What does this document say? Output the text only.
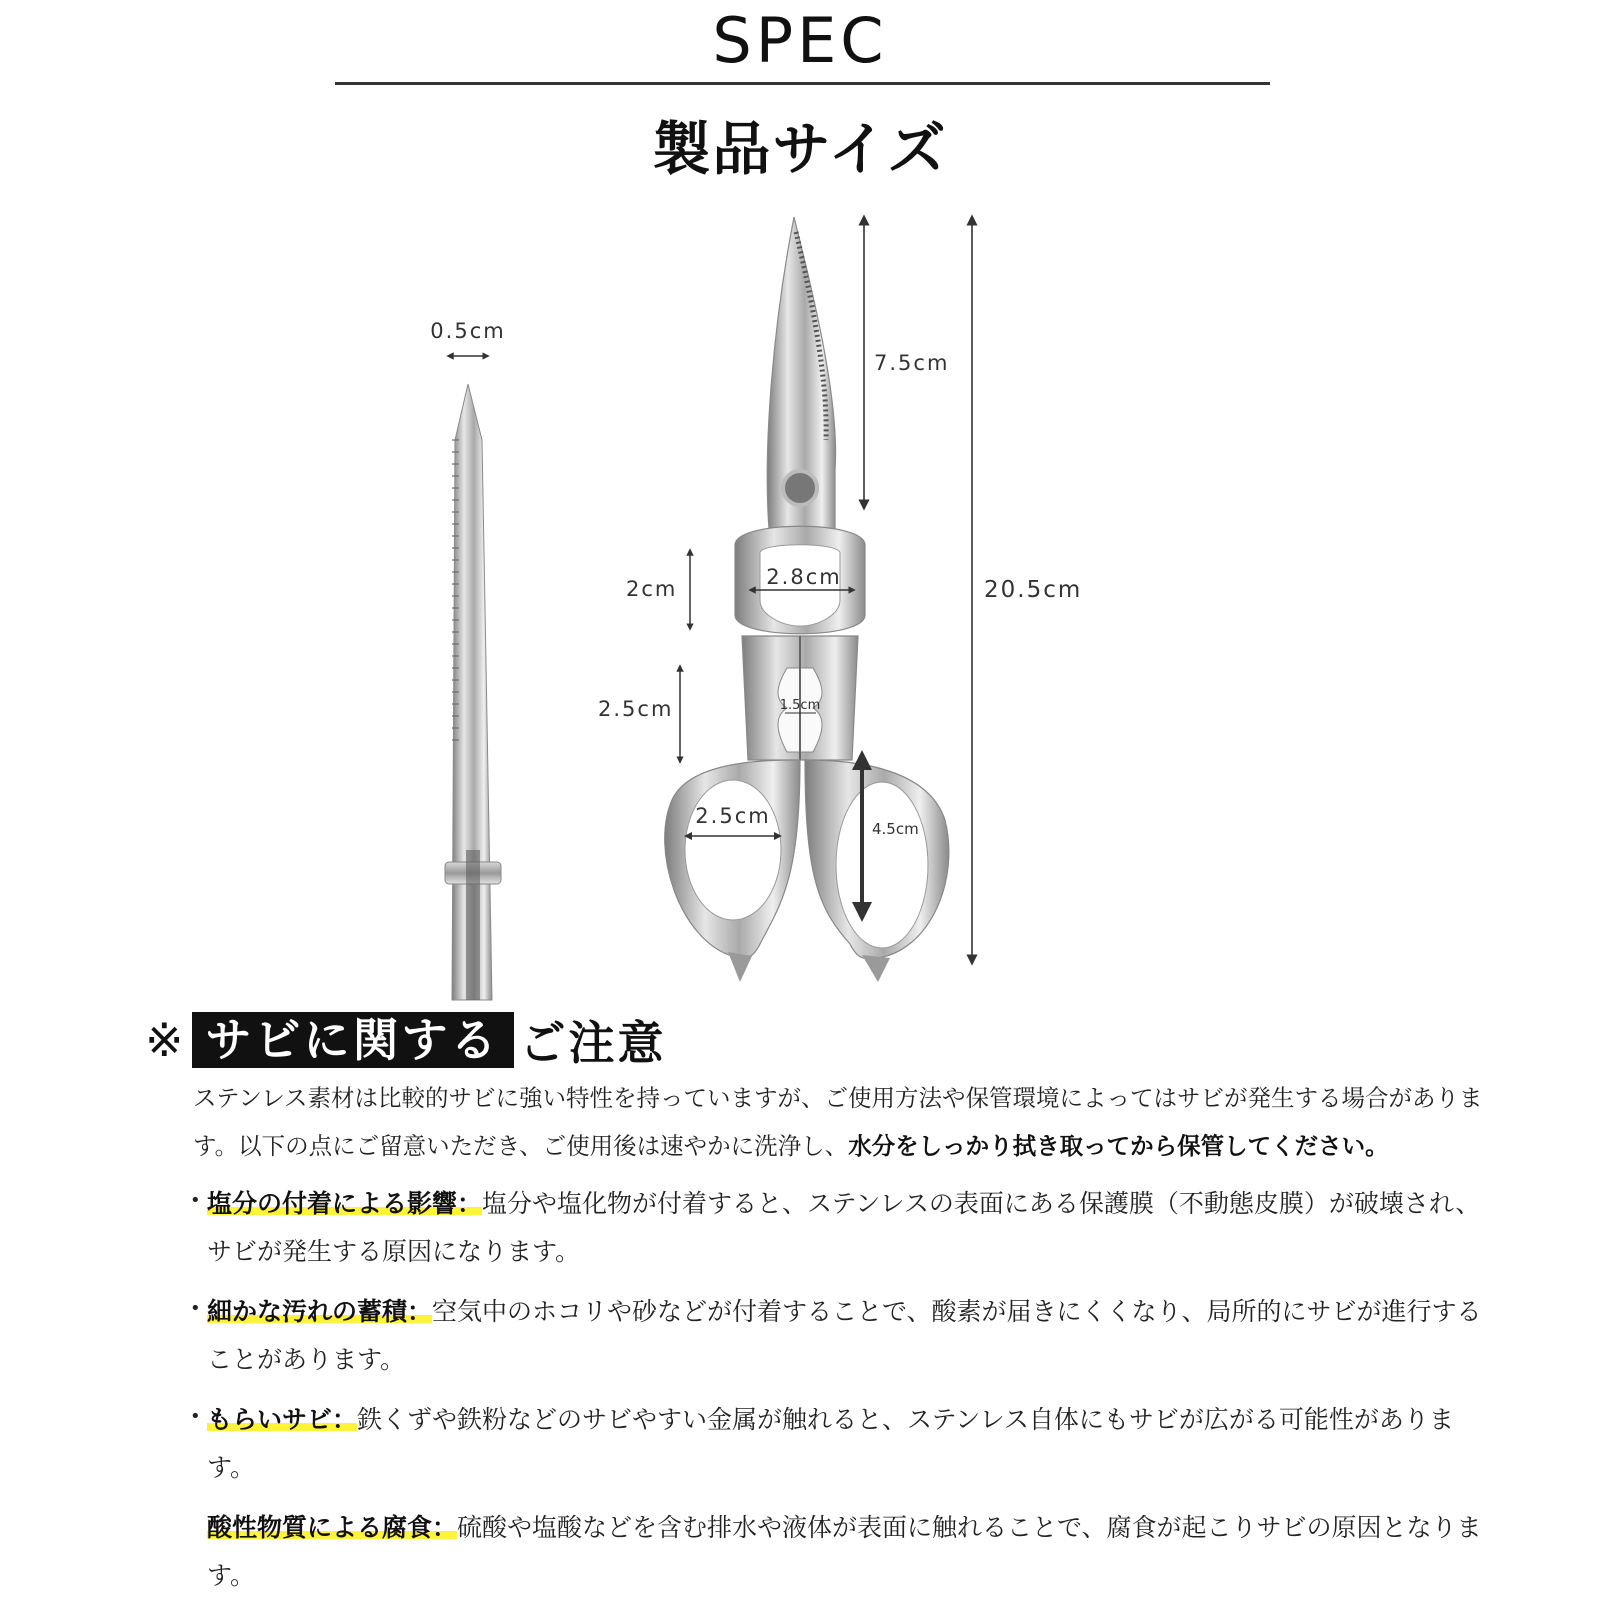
SPEC
製品サイズ
0.5cm
7.5cm
20.5cm
2cm	2.8cm
2.5cm	1.5cm
2.5cm
4.5cm
※ サビに関する ご注意
ステンレス素材は比較的サビに強い特性を持っていますが、ご使用方法や保管環境によってはサビが発生する場合があります。以下の点にご留意いただき、ご使用後は速やかに洗浄し、水分をしっかり拭き取ってから保管してください。
• 塩分の付着による影響：塩分や塩化物が付着すると、ステンレスの表面にある保護膜（不動態皮膜）が破壊され、サビが発生する原因になります。
• 細かな汚れの蓄積：空気中のホコリや砂などが付着することで、酸素が届きにくくなり、局所的にサビが進行することがあります。
• もらいサビ：鉄くずや鉄粉などのサビやすい金属が触れると、ステンレス自体にもサビが広がる可能性があります。
酸性物質による腐食：硫酸や塩酸などを含む排水や液体が表面に触れることで、腐食が起こりサビの原因となります。
